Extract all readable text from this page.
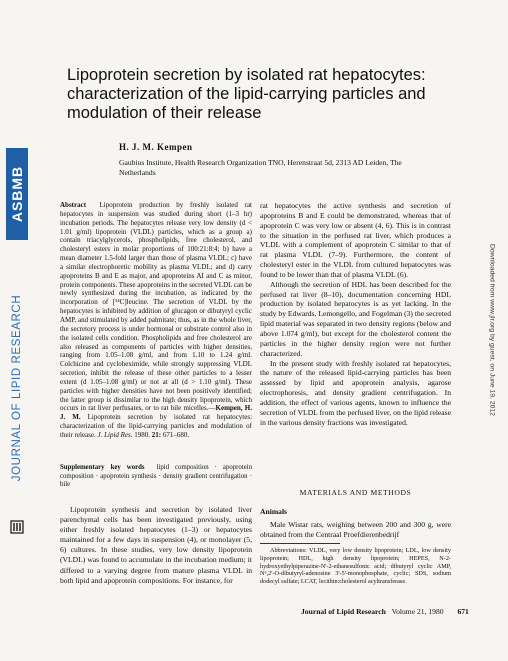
ASBMB
JOURNAL OF LIPID RESEARCH	Downloaded from www.jlr.org by guest, on June 19, 2012
Lipoprotein secretion by isolated rat hepatocytes: characterization of the lipid-carrying particles and modulation of their release
H. J. M. Kempen
Gaubius Institute, Health Research Organization TNO, Herenstraat 5d, 2313 AD Leiden, The Netherlands

Abstract Lipoprotein production by freshly isolated rat hepatocytes in suspension was studied during short (1–3 hr) incubation periods. The hepatocytes release very low density (d < 1.01 g/ml) lipoprotein (VLDL) particles, which as a group a) contain triacylglycerols, phospholipids, free cholesterol, and cholesteryl esters in molar proportions of 100:21:8:4; b) have a mean diameter 1.5-fold larger than those of plasma VLDL; c) have a similar electrophoretic mobility as plasma VLDL; and d) carry apoproteins B and E as major, and apoproteins AI and C as minor, protein components. These apoproteins in the secreted VLDL can be newly synthesized during the incubation, as indicated by the incorporation of [¹⁴C]leucine. The secretion of VLDL by the hepatocytes is inhibited by addition of glucagon or dibutyryl cyclic AMP, and stimulated by added palmitate; thus, as in the whole liver, the secretory process is under hormonal or substrate control also in the isolated cells condition. Phospholipids and free cholesterol are also released as components of particles with higher densities, ranging from 1.05–1.08 g/ml, and from 1.10 to 1.24 g/ml. Colchicine and cycloheximide, while strongly suppressing VLDL secretion, inhibit the release of these other particles to a lesser extent (d 1.05–1.08 g/ml) or not at all (d > 1.10 g/ml). These particles with higher densities have not been positively identified; the latter group is dissimilar to the high density lipoprotein, which occurs in rat liver perfusates, or to rat bile micelles.—Kempen, H. J. M. Lipoprotein secretion by isolated rat hepatocytes: characterization of the lipid-carrying particles and modulation of their release. J. Lipid Res. 1980. 21: 671–680.

Supplementary key words lipid composition · apoprotein composition · apoprotein synthesis · density gradient centrifugation · bile

Lipoprotein synthesis and secretion by isolated liver parenchymal cells has been investigated previously, using either freshly isolated hepatocytes (1–3) or hepatocytes maintained for a few days in suspension (4), or monolayer (5, 6) cultures. In these studies, very low density lipoprotein (VLDL) was found to accumulate in the incubation medium; it differed to a varying degree from mature plasma VLDL in both lipid and apoprotein compositions. For instance, for

rat hepatocytes the active synthesis and secretion of apoproteins B and E could be demonstrated, whereas that of apoprotein C was very low or absent (4, 6). This is in contrast to the situation in the perfused rat liver, which produces a VLDL with a complement of apoprotein C similar to that of rat plasma VLDL (7–9). Furthermore, the content of cholesteryl ester in the VLDL from cultured hepatocytes was found to be lower than that of plasma VLDL (6).

Although the secretion of HDL has been described for the perfused rat liver (8–10), documentation concerning HDL production by isolated hepatocytes is as yet lacking. In the study by Edwards, Lemongello, and Fogelman (3) the secreted lipid material was separated in two density regions (below and above 1.074 g/ml), but except for the cholesterol content the particles in the higher density region were not further characterized.

In the present study with freshly isolated rat hepatocytes, the nature of the released lipid-carrying particles has been assessed by lipid and apoprotein analysis, agarose electrophoresis, and density gradient centrifugation. In addition, the effect of various agents, known to influence the secretion of VLDL from the perfused liver, on the lipid release in the various density fractions was investigated.

MATERIALS AND METHODS
Animals

Male Wistar rats, weighing between 200 and 300 g, were obtained from the Centraal Proefdierenbedrijf

Abbreviations: VLDL, very low density lipoprotein; LDL, low density lipoprotein; HDL, high density lipoprotein; HEPES, N-2-hydroxyethylpiperazine-N'-2-ethanesulfonic acid; dibutyryl cyclic AMP, N⁶,2'-O-dibutyryl-adenosine 3'-5'-monophosphate, cyclic; SDS, sodium dodecyl sulfate; LCAT, lecithin:cholesterol acyltransferase.

Journal of Lipid Research Volume 21, 1980 671
